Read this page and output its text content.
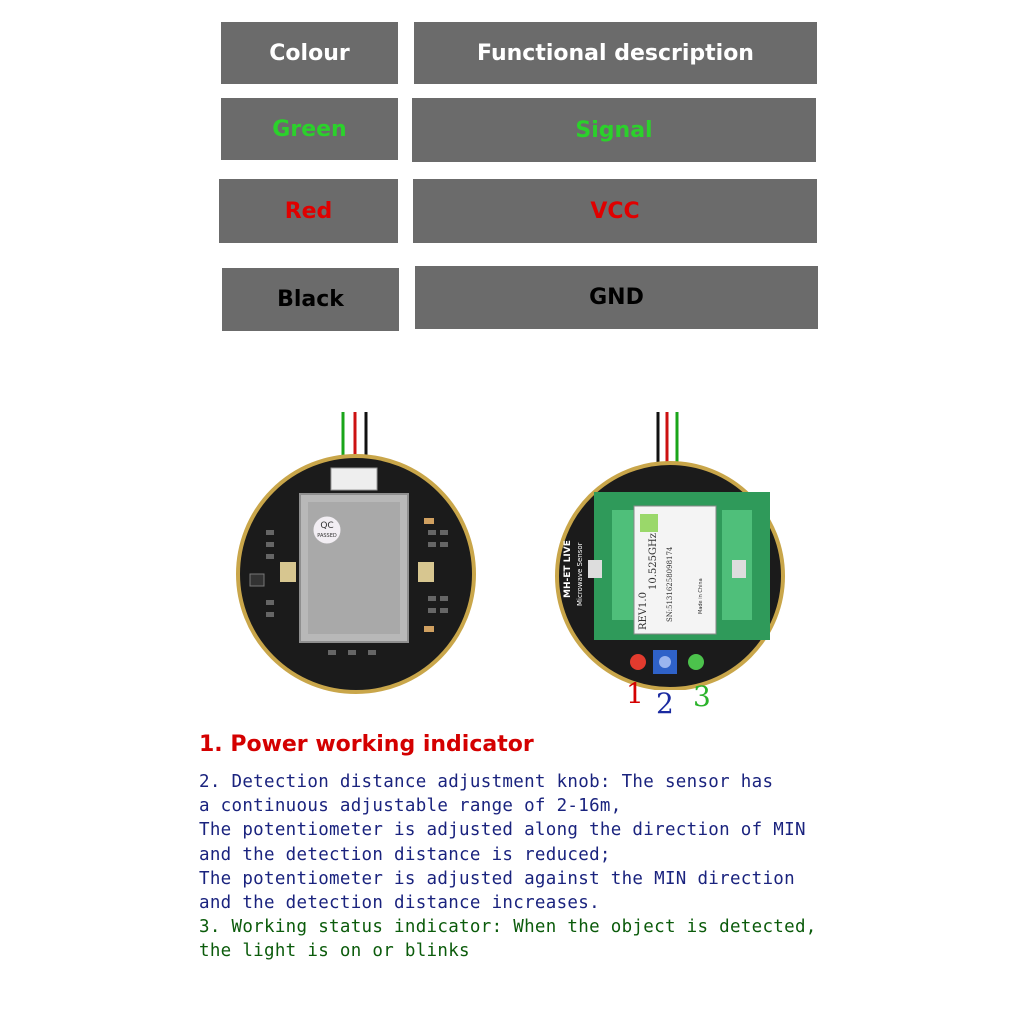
Colour	Functional description
Green	Signal
Red	VCC
Black	GND
QC
PASSED	10.525GHz
REV1.0 SN:51316258098174	Made in China
MH-ET LIVE Microwave Sensor
1 2 3
1. Power working indicator
2. Detection distance adjustment knob: The sensor has
a continuous adjustable range of 2-16m,
The potentiometer is adjusted along the direction of MIN
and the detection distance is reduced;
The potentiometer is adjusted against the MIN direction
and the detection distance increases.
3. Working status indicator: When the object is detected,
the light is on or blinks
